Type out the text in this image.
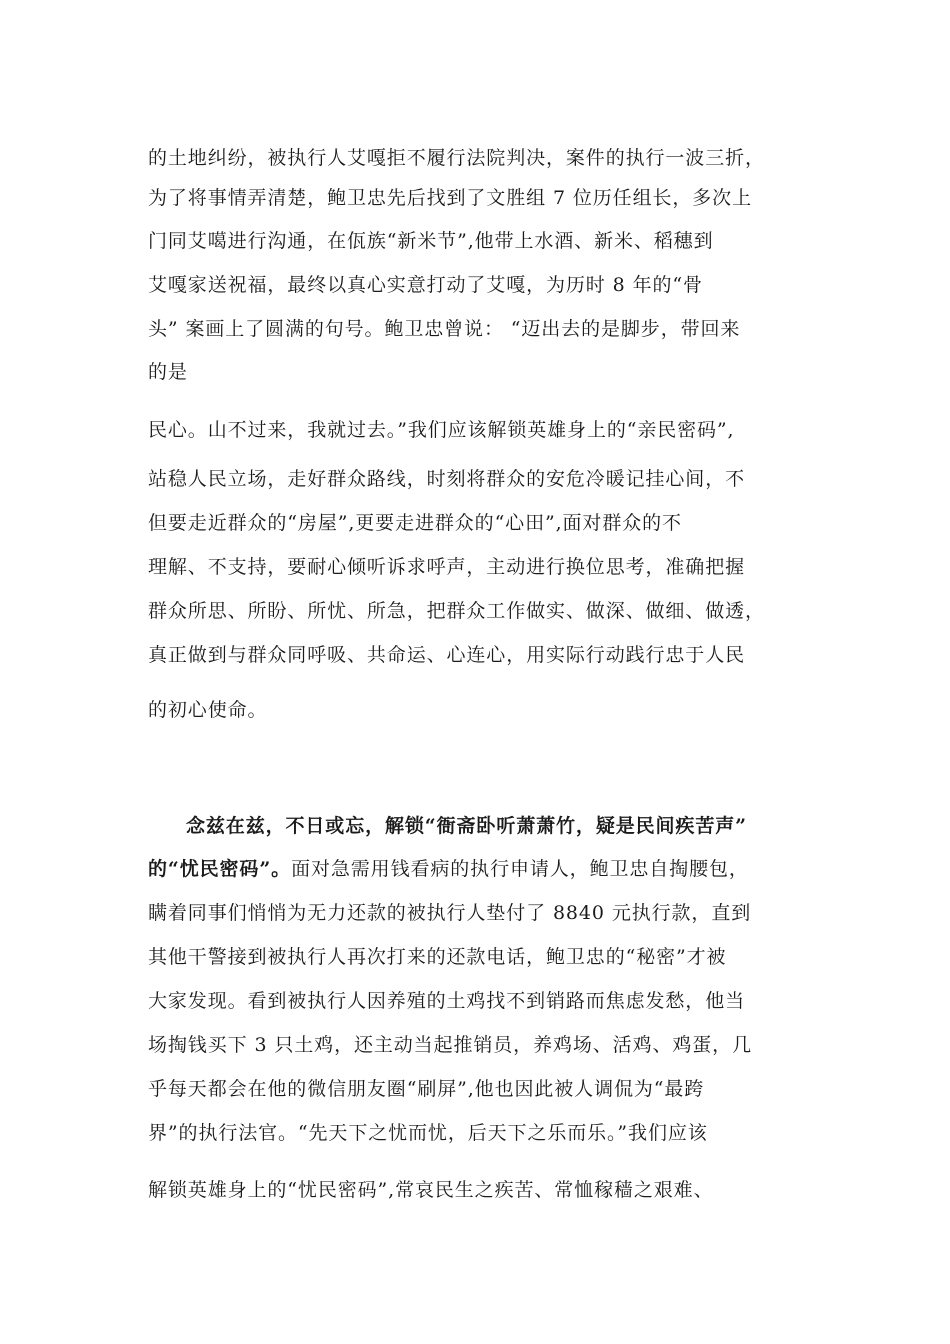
的土地纠纷，被执行人艾嘎拒不履行法院判决，案件的执行一波三折，
为了将事情弄清楚，鲍卫忠先后找到了文胜组 7 位历任组长，多次上
门同艾噶进行沟通，在佤族“新米节”,他带上水酒、新米、稻穗到
艾嘎家送祝福，最终以真心实意打动了艾嘎，为历时 8 年的“骨
头” 案画上了圆满的句号。鲍卫忠曾说： “迈出去的是脚步，带回来
的是
民心。山不过来，我就过去。”我们应该解锁英雄身上的“亲民密码”,
站稳人民立场，走好群众路线，时刻将群众的安危冷暖记挂心间，不
但要走近群众的“房屋”,更要走进群众的“心田”,面对群众的不
理解、不支持，要耐心倾听诉求呼声，主动进行换位思考，准确把握
群众所思、所盼、所忧、所急，把群众工作做实、做深、做细、做透，
真正做到与群众同呼吸、共命运、心连心，用实际行动践行忠于人民
的初心使命。
念兹在兹，不日或忘，解锁“衙斋卧听萧萧竹，疑是民间疾苦声”
的“忧民密码”。面对急需用钱看病的执行申请人，鲍卫忠自掏腰包，
瞒着同事们悄悄为无力还款的被执行人垫付了 8840 元执行款，直到
其他干警接到被执行人再次打来的还款电话，鲍卫忠的“秘密”才被
大家发现。看到被执行人因养殖的土鸡找不到销路而焦虑发愁，他当
场掏钱买下 3 只土鸡，还主动当起推销员，养鸡场、活鸡、鸡蛋，几
乎每天都会在他的微信朋友圈“刷屏”,他也因此被人调侃为“最跨
界”的执行法官。“先天下之忧而忧，后天下之乐而乐。”我们应该
解锁英雄身上的“忧民密码”,常哀民生之疾苦、常恤稼穑之艰难、
